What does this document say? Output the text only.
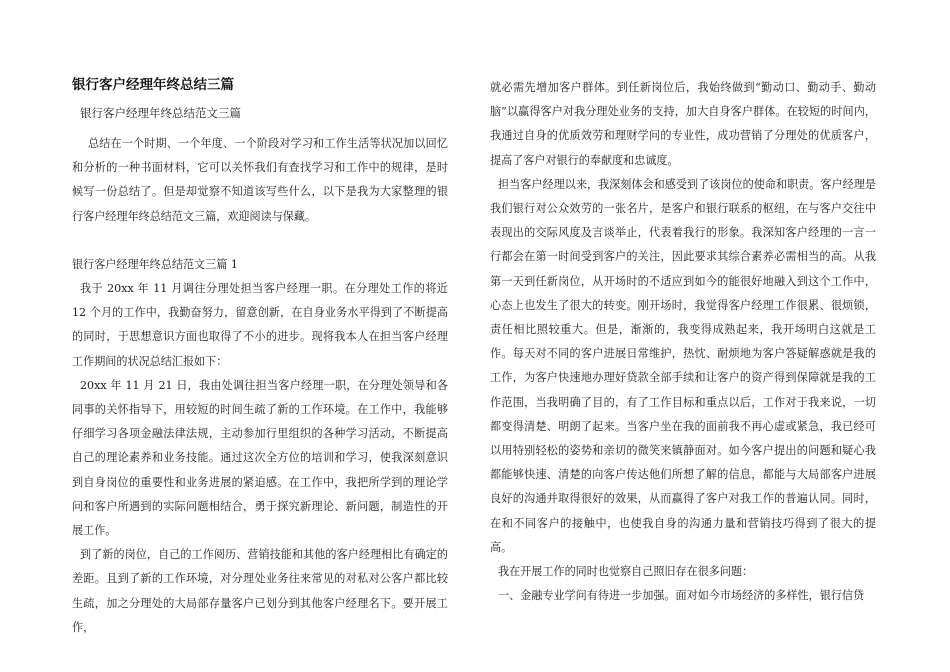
银行客户经理年终总结三篇
银行客户经理年终总结范文三篇

总结在一个时期、一个年度、一个阶段对学习和工作生活等状况加以回忆和分析的一种书面材料，它可以关怀我们有查找学习和工作中的规律，是时候写一份总结了。但是却觉察不知道该写些什么，以下是我为大家整理的银行客户经理年终总结范文三篇，欢迎阅读与保藏。

银行客户经理年终总结范文三篇 1

我于 20xx 年 11 月调往分理处担当客户经理一职。在分理处工作的将近 12 个月的工作中，我勤奋努力，留意创新，在自身业务水平得到了不断提高的同时，于思想意识方面也取得了不小的进步。现将我本人在担当客户经理工作期间的状况总结汇报如下：

20xx 年 11 月 21 日，我由处调往担当客户经理一职，在分理处领导和各同事的关怀指导下，用较短的时间生疏了新的工作环境。在工作中，我能够仔细学习各项金融法律法规，主动参加行里组织的各种学习活动，不断提高自己的理论素养和业务技能。通过这次全方位的培训和学习，使我深刻意识到自身岗位的重要性和业务进展的紧迫感。在工作中，我把所学到的理论学问和客户所遇到的实际问题相结合，勇于探究新理论、新问题，制造性的开展工作。

到了新的岗位，自己的工作阅历、营销技能和其他的客户经理相比有确定的差距。且到了新的工作环境，对分理处业务往来常见的对私对公客户都比较生疏，加之分理处的大局部存量客户已划分到其他客户经理名下。要开展工作，

就必需先增加客户群体。到任新岗位后，我始终做到“勤动口、勤动手、勤动脑”以赢得客户对我分理处业务的支持，加大自身客户群体。在较短的时间内，我通过自身的优质效劳和理财学问的专业性，成功营销了分理处的优质客户，提高了客户对银行的奉献度和忠诚度。

担当客户经理以来，我深刻体会和感受到了该岗位的使命和职责。客户经理是我们银行对公众效劳的一张名片，是客户和银行联系的枢纽，在与客户交往中表现出的交际风度及言谈举止，代表着我行的形象。我深知客户经理的一言一行都会在第一时间受到客户的关注，因此要求其综合素养必需相当的高。从我第一天到任新岗位，从开场时的不适应到如今的能很好地融入到这个工作中，心态上也发生了很大的转变。刚开场时，我觉得客户经理工作很累、很烦锁，责任相比照较重大。但是，渐渐的，我变得成熟起来，我开场明白这就是工作。每天对不同的客户进展日常维护，热忱、耐烦地为客户答疑解惑就是我的工作，为客户快速地办理好贷款全部手续和让客户的资产得到保障就是我的工作范围，当我明确了目的，有了工作目标和重点以后，工作对于我来说，一切都变得清楚、明朗了起来。当客户坐在我的面前我不再心虚或紧急，我已经可以用特别轻松的姿势和亲切的微笑来镇静面对。如今客户提出的问题和疑心我都能够快速、清楚的向客户传达他们所想了解的信息，都能与大局部客户进展良好的沟通并取得很好的效果，从而赢得了客户对我工作的普遍认同。同时，在和不同客户的接触中，也使我自身的沟通力量和营销技巧得到了很大的提高。

我在开展工作的同时也觉察自己照旧存在很多问题：

一、金融专业学问有待进一步加强。面对如今市场经济的多样性，银行信贷
